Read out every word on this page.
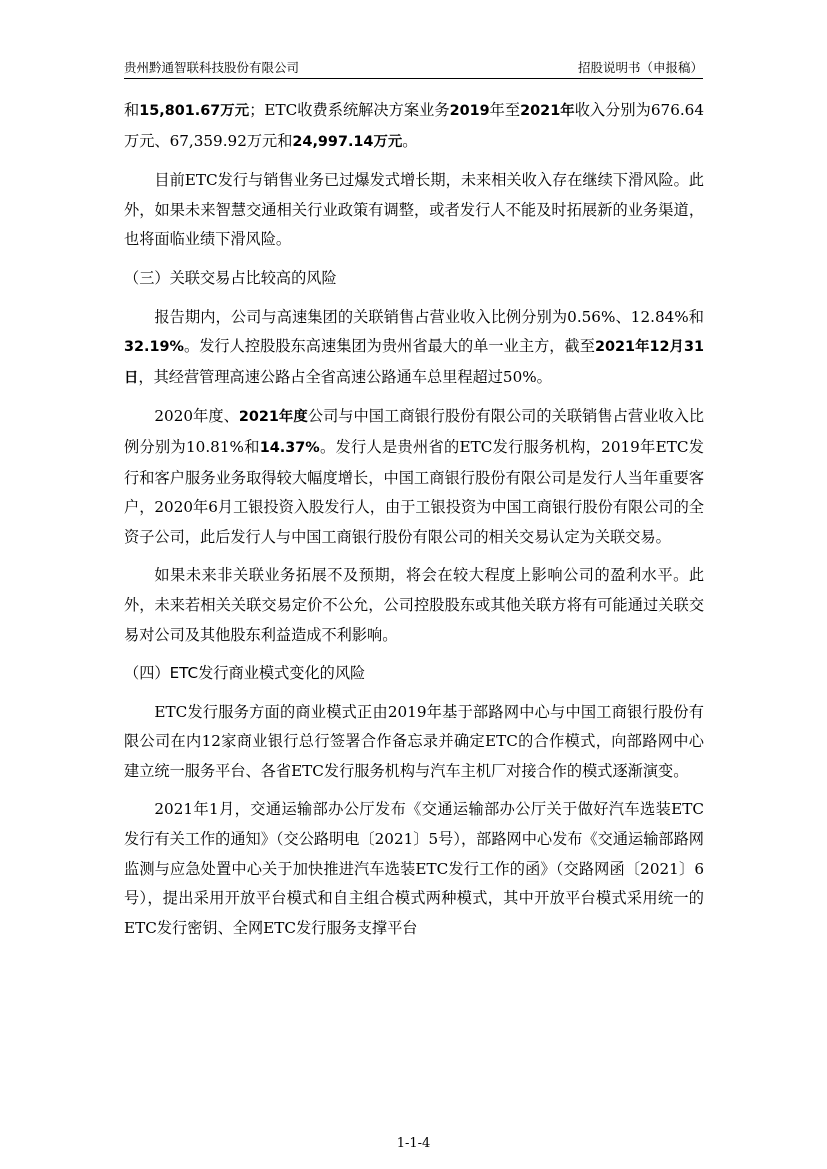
贵州黔通智联科技股份有限公司	招股说明书（申报稿）

和15,801.67万元；ETC收费系统解决方案业务2019年至2021年收入分别为676.64万元、67,359.92万元和24,997.14万元。

目前ETC发行与销售业务已过爆发式增长期，未来相关收入存在继续下滑风险。此外，如果未来智慧交通相关行业政策有调整，或者发行人不能及时拓展新的业务渠道，也将面临业绩下滑风险。

（三）关联交易占比较高的风险

报告期内，公司与高速集团的关联销售占营业收入比例分别为0.56%、12.84%和32.19%。发行人控股股东高速集团为贵州省最大的单一业主方，截至2021年12月31日，其经营管理高速公路占全省高速公路通车总里程超过50%。

2020年度、2021年度公司与中国工商银行股份有限公司的关联销售占营业收入比例分别为10.81%和14.37%。发行人是贵州省的ETC发行服务机构，2019年ETC发行和客户服务业务取得较大幅度增长，中国工商银行股份有限公司是发行人当年重要客户，2020年6月工银投资入股发行人，由于工银投资为中国工商银行股份有限公司的全资子公司，此后发行人与中国工商银行股份有限公司的相关交易认定为关联交易。

如果未来非关联业务拓展不及预期，将会在较大程度上影响公司的盈利水平。此外，未来若相关关联交易定价不公允，公司控股股东或其他关联方将有可能通过关联交易对公司及其他股东利益造成不利影响。

（四）ETC发行商业模式变化的风险

ETC发行服务方面的商业模式正由2019年基于部路网中心与中国工商银行股份有限公司在内12家商业银行总行签署合作备忘录并确定ETC的合作模式，向部路网中心建立统一服务平台、各省ETC发行服务机构与汽车主机厂对接合作的模式逐渐演变。

2021年1月，交通运输部办公厅发布《交通运输部办公厅关于做好汽车选装ETC发行有关工作的通知》（交公路明电〔2021〕5号），部路网中心发布《交通运输部路网监测与应急处置中心关于加快推进汽车选装ETC发行工作的函》（交路网函〔2021〕6号），提出采用开放平台模式和自主组合模式两种模式，其中开放平台模式采用统一的ETC发行密钥、全网ETC发行服务支撑平台

1-1-4
